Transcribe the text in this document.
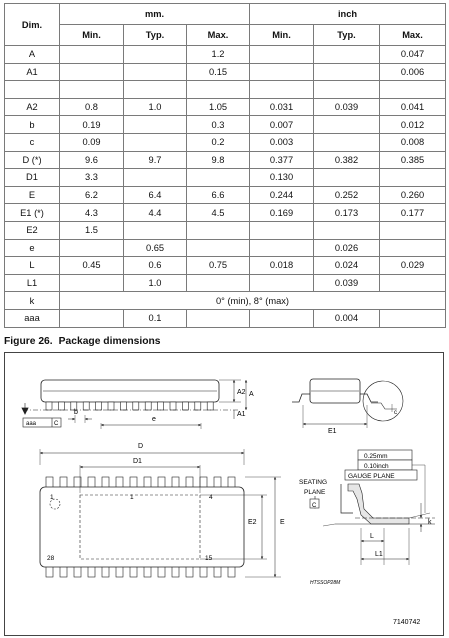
Dim.	mm.			inch		
	Min.	Typ.	Max.	Min.	Typ.	Max.
A			1.2			0.047
A1			0.15			0.006

A2	0.8	1.0	1.05	0.031	0.039	0.041
b	0.19		0.3	0.007		0.012
c	0.09		0.2	0.003		0.008
D (*)	9.6	9.7	9.8	0.377	0.382	0.385
D1	3.3			0.130		
E	6.2	6.4	6.6	0.244	0.252	0.260
E1 (*)	4.3	4.4	4.5	0.169	0.173	0.177
E2	1.5					
e		0.65			0.026	
L	0.45	0.6	0.75	0.018	0.024	0.029
L1		1.0			0.039	
k	0° (min), 8° (max)					
aaa		0.1			0.004	
Figure 26. Package dimensions
A2 A
A1
b
e
aaa	C
E1
c
D
D1
E2	E
1	1	4
28	15
0.25mm
0.10inch
GAUGE PLANE
SEATING
PLANE
C
k
L
L1
HTSSOP28M
7140742
